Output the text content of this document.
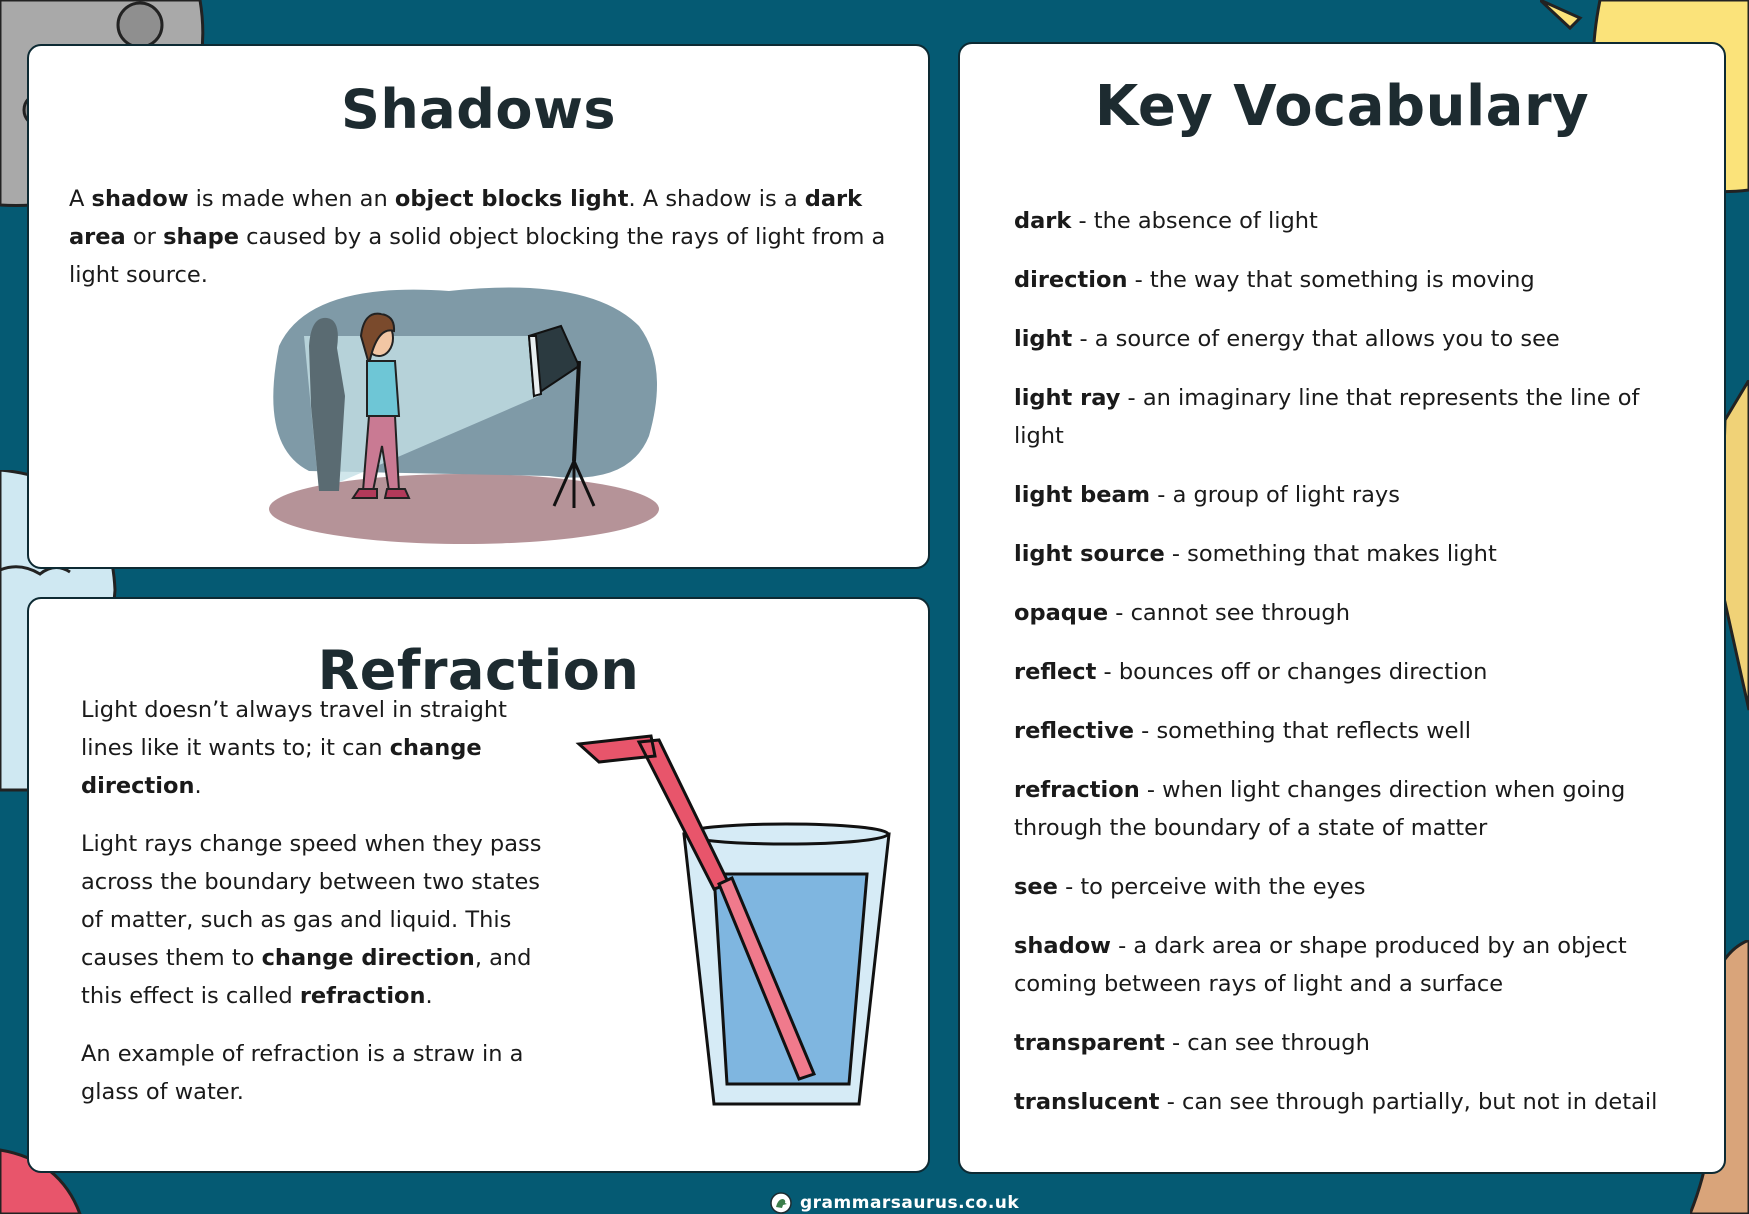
Shadows

A shadow is made when an object blocks light. A shadow is a dark area or shape caused by a solid object blocking the rays of light from a light source.

Refraction

Light doesn’t always travel in straight lines like it wants to; it can change direction.

Light rays change speed when they pass across the boundary between two states of matter, such as gas and liquid. This causes them to change direction, and this effect is called refraction.

An example of refraction is a straw in a glass of water.

Key Vocabulary
dark - the absence of light
direction - the way that something is moving
light - a source of energy that allows you to see
light ray - an imaginary line that represents the line of light
light beam - a group of light rays
light source - something that makes light
opaque - cannot see through
reflect - bounces off or changes direction
reflective - something that reflects well
refraction - when light changes direction when going through the boundary of a state of matter
see - to perceive with the eyes
shadow - a dark area or shape produced by an object coming between rays of light and a surface
transparent - can see through
translucent - can see through partially, but not in detail
grammarsaurus.co.uk
